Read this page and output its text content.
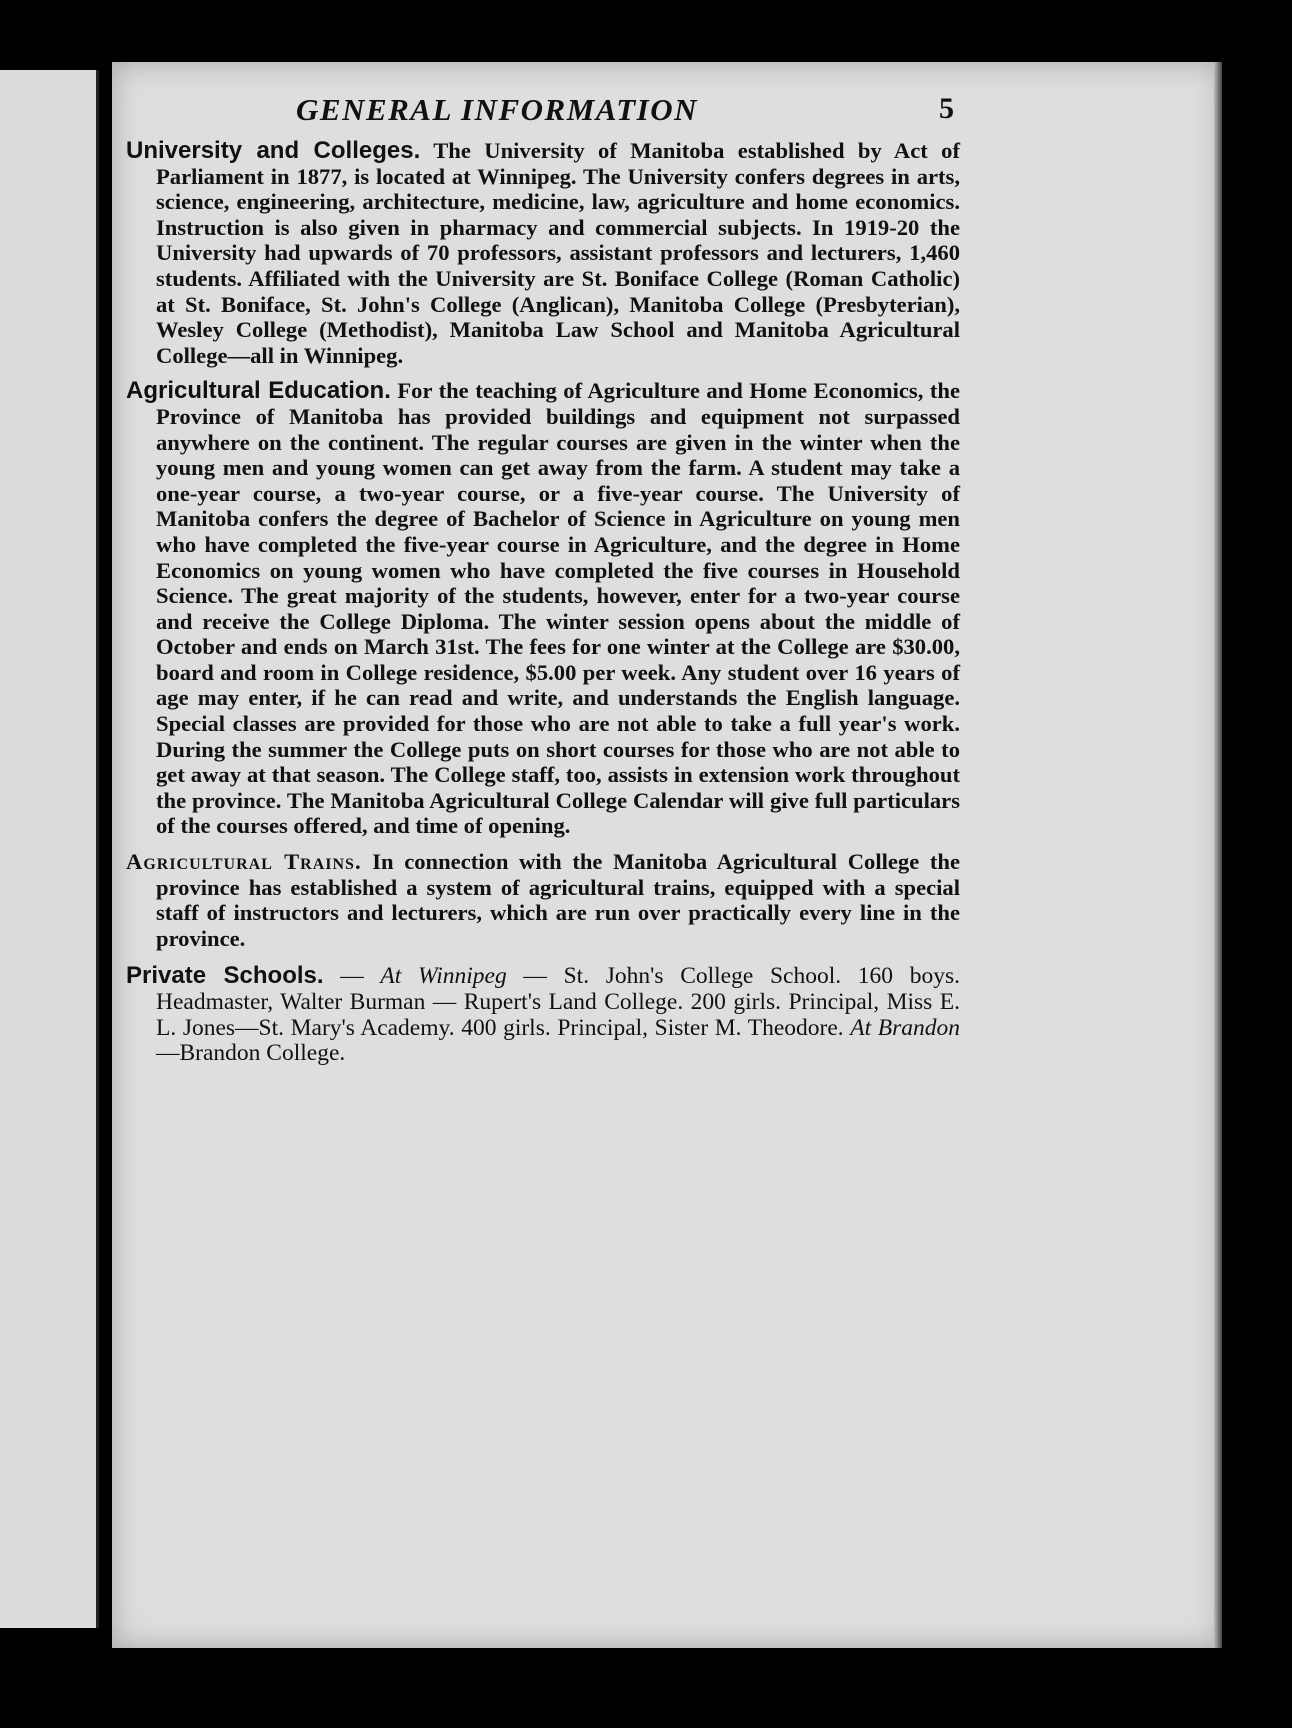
GENERAL INFORMATION	5

University and Colleges. The University of Manitoba established by Act of Parliament in 1877, is located at Winnipeg. The University confers degrees in arts, science, engineering, architecture, medicine, law, agriculture and home economics. Instruction is also given in pharmacy and commercial subjects. In 1919-20 the University had upwards of 70 professors, assistant professors and lecturers, 1,460 students. Affiliated with the University are St. Boniface College (Roman Catholic) at St. Boniface, St. John's College (Anglican), Manitoba College (Presbyterian), Wesley College (Methodist), Manitoba Law School and Manitoba Agricultural College—all in Winnipeg.

Agricultural Education. For the teaching of Agriculture and Home Economics, the Province of Manitoba has provided buildings and equipment not surpassed anywhere on the continent. The regular courses are given in the winter when the young men and young women can get away from the farm. A student may take a one-year course, a two-year course, or a five-year course. The University of Manitoba confers the degree of Bachelor of Science in Agriculture on young men who have completed the five-year course in Agriculture, and the degree in Home Economics on young women who have completed the five courses in Household Science. The great majority of the students, however, enter for a two-year course and receive the College Diploma. The winter session opens about the middle of October and ends on March 31st. The fees for one winter at the College are $30.00, board and room in College residence, $5.00 per week. Any student over 16 years of age may enter, if he can read and write, and understands the English language. Special classes are provided for those who are not able to take a full year's work. During the summer the College puts on short courses for those who are not able to get away at that season. The College staff, too, assists in extension work throughout the province. The Manitoba Agricultural College Calendar will give full particulars of the courses offered, and time of opening.

Agricultural Trains. In connection with the Manitoba Agricultural College the province has established a system of agricultural trains, equipped with a special staff of instructors and lecturers, which are run over practically every line in the province.

Private Schools. — At Winnipeg — St. John's College School. 160 boys. Headmaster, Walter Burman — Rupert's Land College. 200 girls. Principal, Miss E. L. Jones—St. Mary's Academy. 400 girls. Principal, Sister M. Theodore. At Brandon—Brandon College.
